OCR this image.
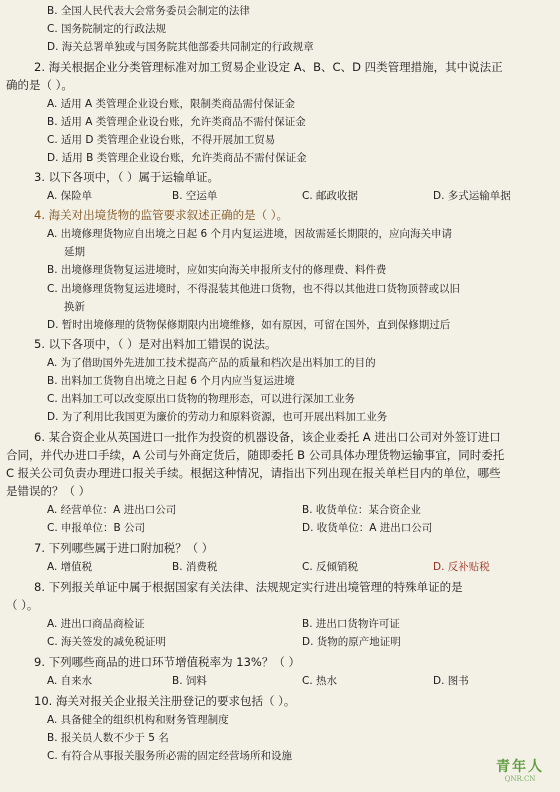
B. 全国人民代表大会常务委员会制定的法律
C. 国务院制定的行政法规
D. 海关总署单独或与国务院其他部委共同制定的行政规章
2. 海关根据企业分类管理标准对加工贸易企业设定 A、B、C、D 四类管理措施，其中说法正
确的是（ ）。
A. 适用 A 类管理企业设台账，限制类商品需付保证金
B. 适用 A 类管理企业设台账，允许类商品不需付保证金
C. 适用 D 类管理企业设台账，不得开展加工贸易
D. 适用 B 类管理企业设台账，允许类商品不需付保证金
3. 以下各项中，（ ）属于运输单证。
A. 保险单	B. 空运单	C. 邮政收据	D. 多式运输单据
4. 海关对出境货物的监管要求叙述正确的是（ ）。
A. 出境修理货物应自出境之日起 6 个月内复运进境，因故需延长期限的，应向海关申请
延期
B. 出境修理货物复运进境时，应如实向海关申报所支付的修理费、料件费
C. 出境修理货物复运进境时，不得混装其他进口货物，也不得以其他进口货物顶替或以旧
换新
D. 暂时出境修理的货物保修期限内出境维修，如有原因，可留在国外，直到保修期过后
5. 以下各项中，（ ）是对出料加工错误的说法。
A. 为了借助国外先进加工技术提高产品的质量和档次是出料加工的目的
B. 出料加工货物自出境之日起 6 个月内应当复运进境
C. 出料加工可以改变原出口货物的物理形态，可以进行深加工业务
D. 为了利用比我国更为廉价的劳动力和原料资源，也可开展出料加工业务
6. 某合资企业从英国进口一批作为投资的机器设备，该企业委托 A 进出口公司对外签订进口
合同，并代办进口手续，A 公司与外商定货后，随即委托 B 公司具体办理货物运输事宜，同时委托
C 报关公司负责办理进口报关手续。根据这种情况，请指出下列出现在报关单栏目内的单位，哪些
是错误的？（ ）
A. 经营单位：A 进出口公司	B. 收货单位：某合资企业
C. 申报单位：B 公司	D. 收货单位：A 进出口公司
7. 下列哪些属于进口附加税？（ ）
A. 增值税	B. 消费税	C. 反倾销税	D. 反补贴税
8. 下列报关单证中属于根据国家有关法律、法规规定实行进出境管理的特殊单证的是
（ ）。
A. 进出口商品商检证	B. 进出口货物许可证
C. 海关签发的减免税证明	D. 货物的原产地证明
9. 下列哪些商品的进口环节增值税率为 13%？（ ）
A. 自来水	B. 饲料	C. 热水	D. 图书
10. 海关对报关企业报关注册登记的要求包括（ ）。
A. 具备健全的组织机构和财务管理制度
B. 报关员人数不少于 5 名
C. 有符合从事报关服务所必需的固定经营场所和设施
青年人
QNR.CN
